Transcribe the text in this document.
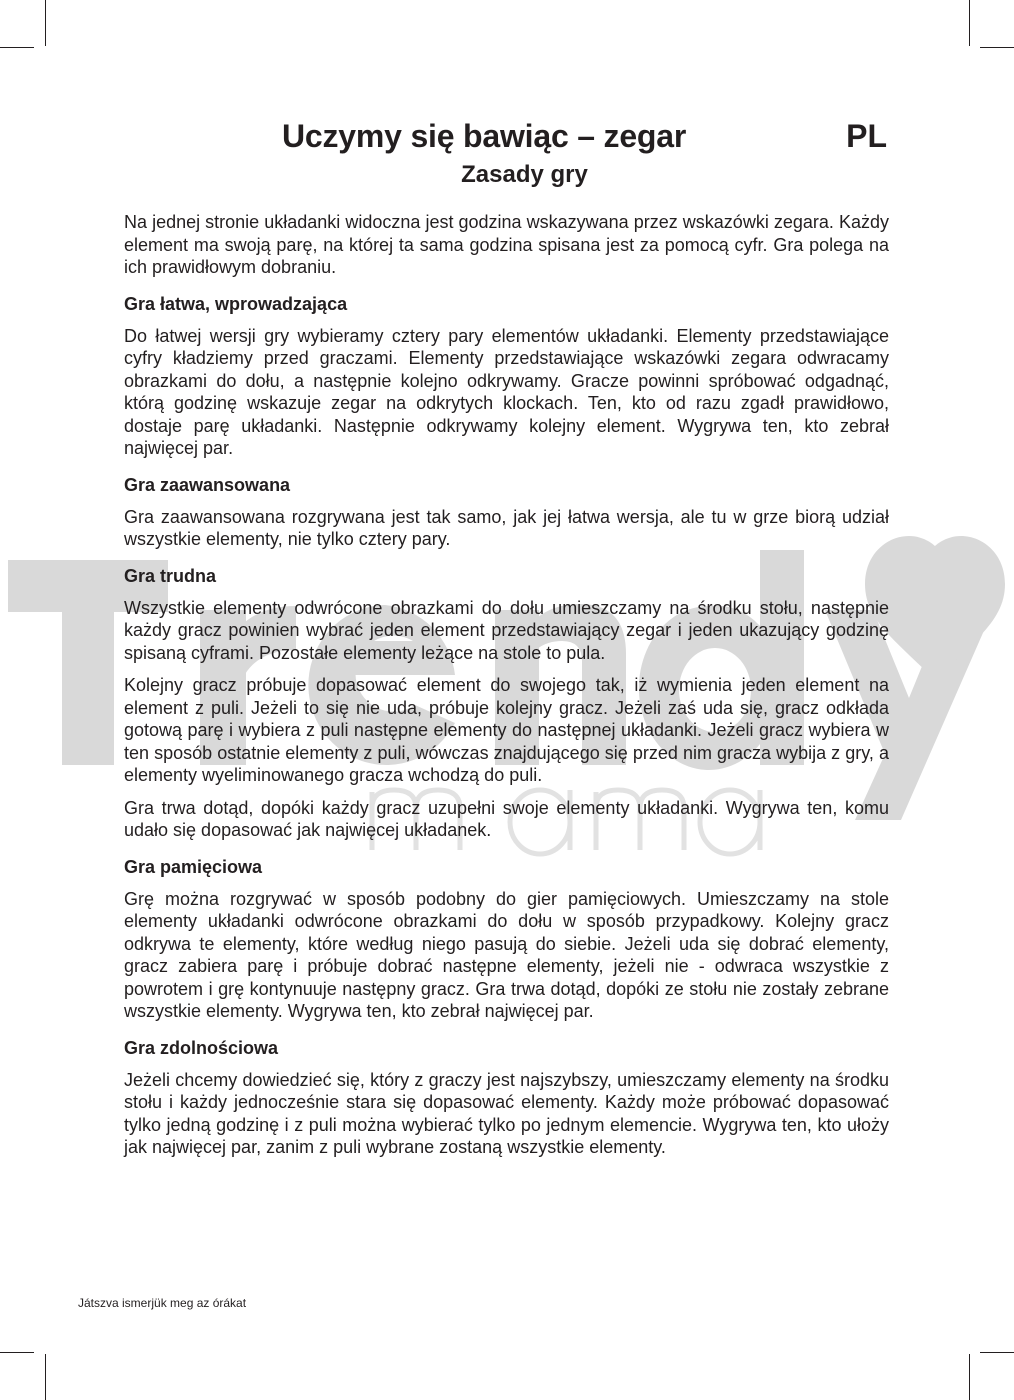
Uczymy się bawiąc – zegar	PL
Zasady gry

Na jednej stronie układanki widoczna jest godzina wskazywana przez wskazówki zegara. Każdy element ma swoją parę, na której ta sama godzina spisana jest za pomocą cyfr. Gra polega na ich prawidłowym dobraniu.

Gra łatwa, wprowadzająca

Do łatwej wersji gry wybieramy cztery pary elementów układanki. Elementy przedstawiające cyfry kładziemy przed graczami. Elementy przedstawiające wskazówki zegara odwracamy obrazkami do dołu, a następnie kolejno odkrywamy. Gracze powinni spróbować odgadnąć, którą godzinę wskazuje zegar na odkrytych klockach. Ten, kto od razu zgadł prawidłowo, dostaje parę układanki. Następnie odkrywamy kolejny element. Wygrywa ten, kto zebrał najwięcej par.

Gra zaawansowana

Gra zaawansowana rozgrywana jest tak samo, jak jej łatwa wersja, ale tu w grze biorą udział wszystkie elementy, nie tylko cztery pary.

Gra trudna

Wszystkie elementy odwrócone obrazkami do dołu umieszczamy na środku stołu, następnie każdy gracz powinien wybrać jeden element przedstawiający zegar i jeden ukazujący godzinę spisaną cyframi. Pozostałe elementy leżące na stole to pula.

Kolejny gracz próbuje dopasować element do swojego tak, iż wymienia jeden element na element z puli. Jeżeli to się nie uda, próbuje kolejny gracz. Jeżeli zaś uda się, gracz odkłada gotową parę i wybiera z puli następne elementy do następnej układanki. Jeżeli gracz wybiera w ten sposób ostatnie elementy z puli, wówczas znajdującego się przed nim gracza wybija z gry, a elementy wyeliminowanego gracza wchodzą do puli.

Gra trwa dotąd, dopóki każdy gracz uzupełni swoje elementy układanki. Wygrywa ten, komu udało się dopasować jak najwięcej układanek.

Gra pamięciowa

Grę można rozgrywać w sposób podobny do gier pamięciowych. Umieszczamy na stole elementy układanki odwrócone obrazkami do dołu w sposób przypadkowy. Kolejny gracz odkrywa te elementy, które według niego pasują do siebie. Jeżeli uda się dobrać elementy, gracz zabiera parę i próbuje dobrać następne elementy, jeżeli nie - odwraca wszystkie z powrotem i grę kontynuuje następny gracz. Gra trwa dotąd, dopóki ze stołu nie zostały zebrane wszystkie elementy. Wygrywa ten, kto zebrał najwięcej par.

Gra zdolnościowa

Jeżeli chcemy dowiedzieć się, który z graczy jest najszybszy, umieszczamy elementy na środku stołu i każdy jednocześnie stara się dopasować elementy. Każdy może próbować dopasować tylko jedną godzinę i z puli można wybierać tylko po jednym elemencie. Wygrywa ten, kto ułoży jak najwięcej par, zanim z puli wybrane zostaną wszystkie elementy.

Játszva ismerjük meg az órákat
